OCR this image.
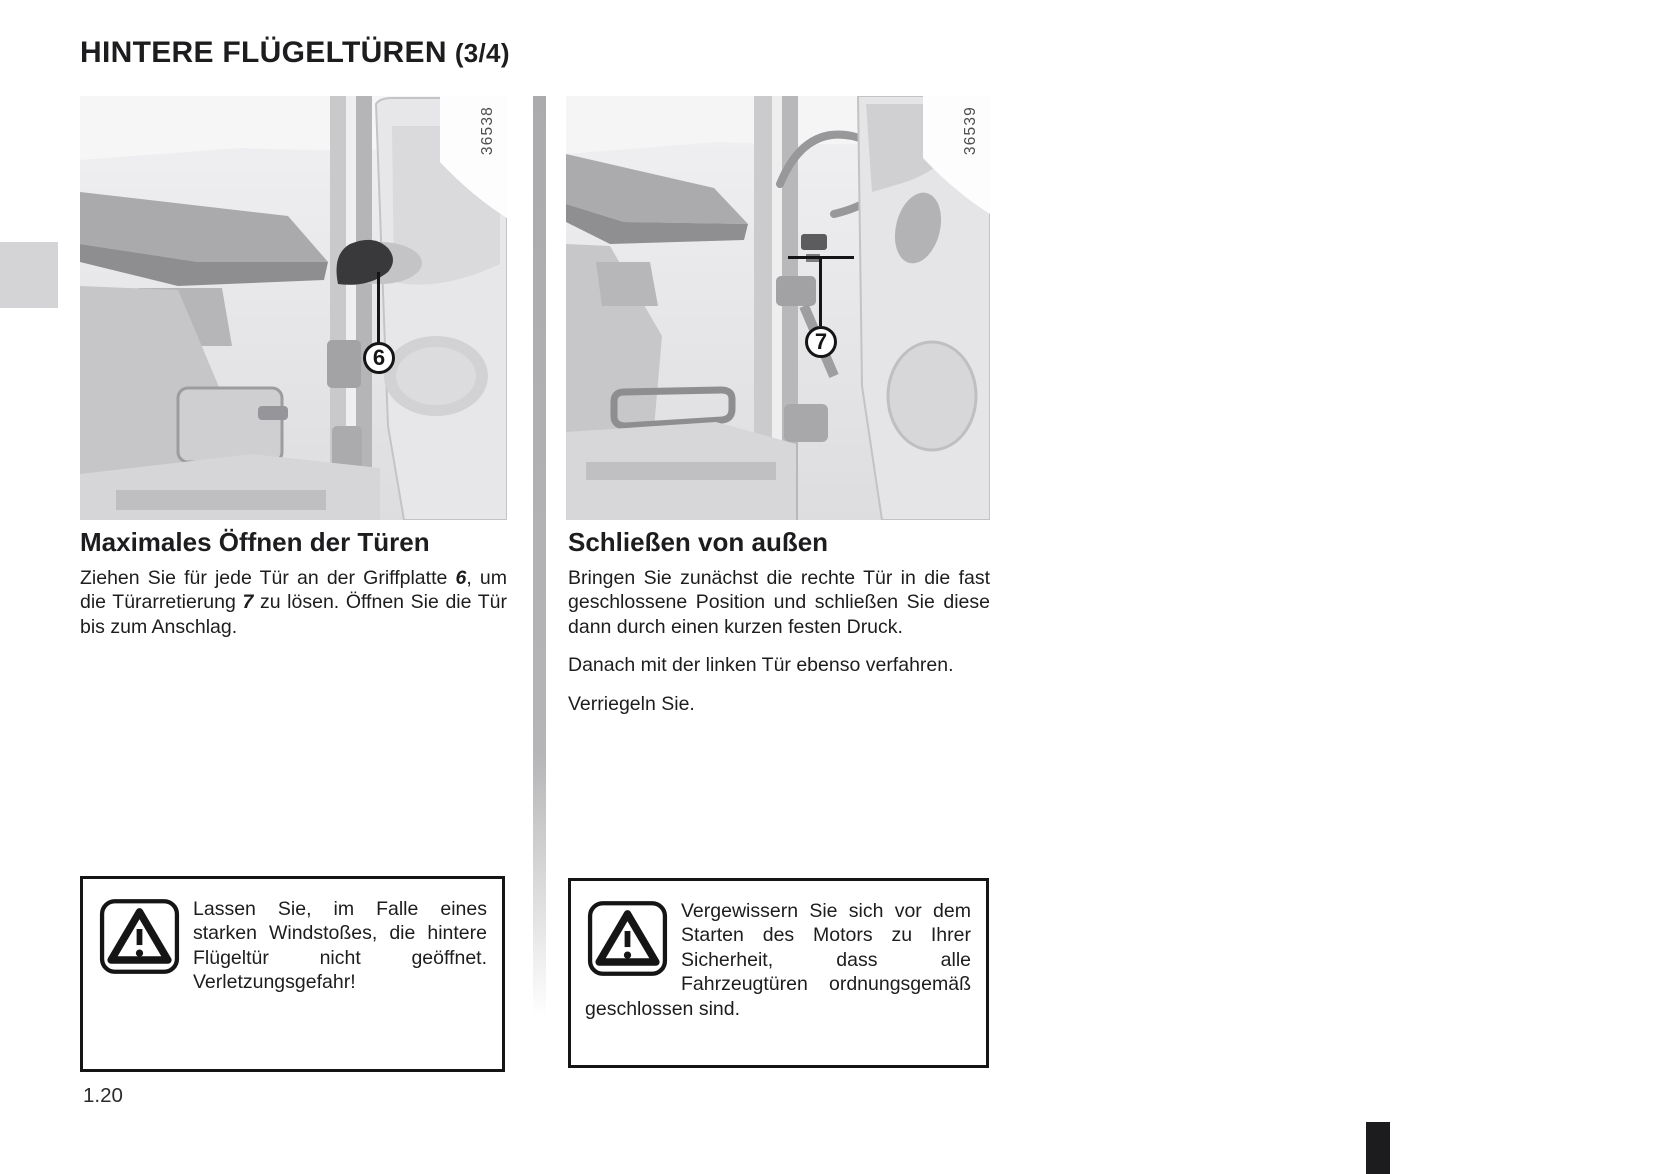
HINTERE FLÜGELTÜREN (3/4)
36538
6
36539
7
Maximales Öffnen der Türen

Ziehen Sie für jede Tür an der Griffplatte 6, um die Türarretierung 7 zu lösen. Öffnen Sie die Tür bis zum Anschlag.

Schließen von außen

Bringen Sie zunächst die rechte Tür in die fast geschlossene Position und schließen Sie diese dann durch einen kurzen festen Druck.

Danach mit der linken Tür ebenso verfahren.

Verriegeln Sie.

Lassen Sie, im Falle eines starken Windstoßes, die hintere Flügeltür nicht geöffnet. Verletzungsgefahr!
Vergewissern Sie sich vor dem Starten des Motors zu Ihrer Sicherheit, dass alle Fahrzeugtüren ordnungsgemäß geschlossen sind.
1.20
